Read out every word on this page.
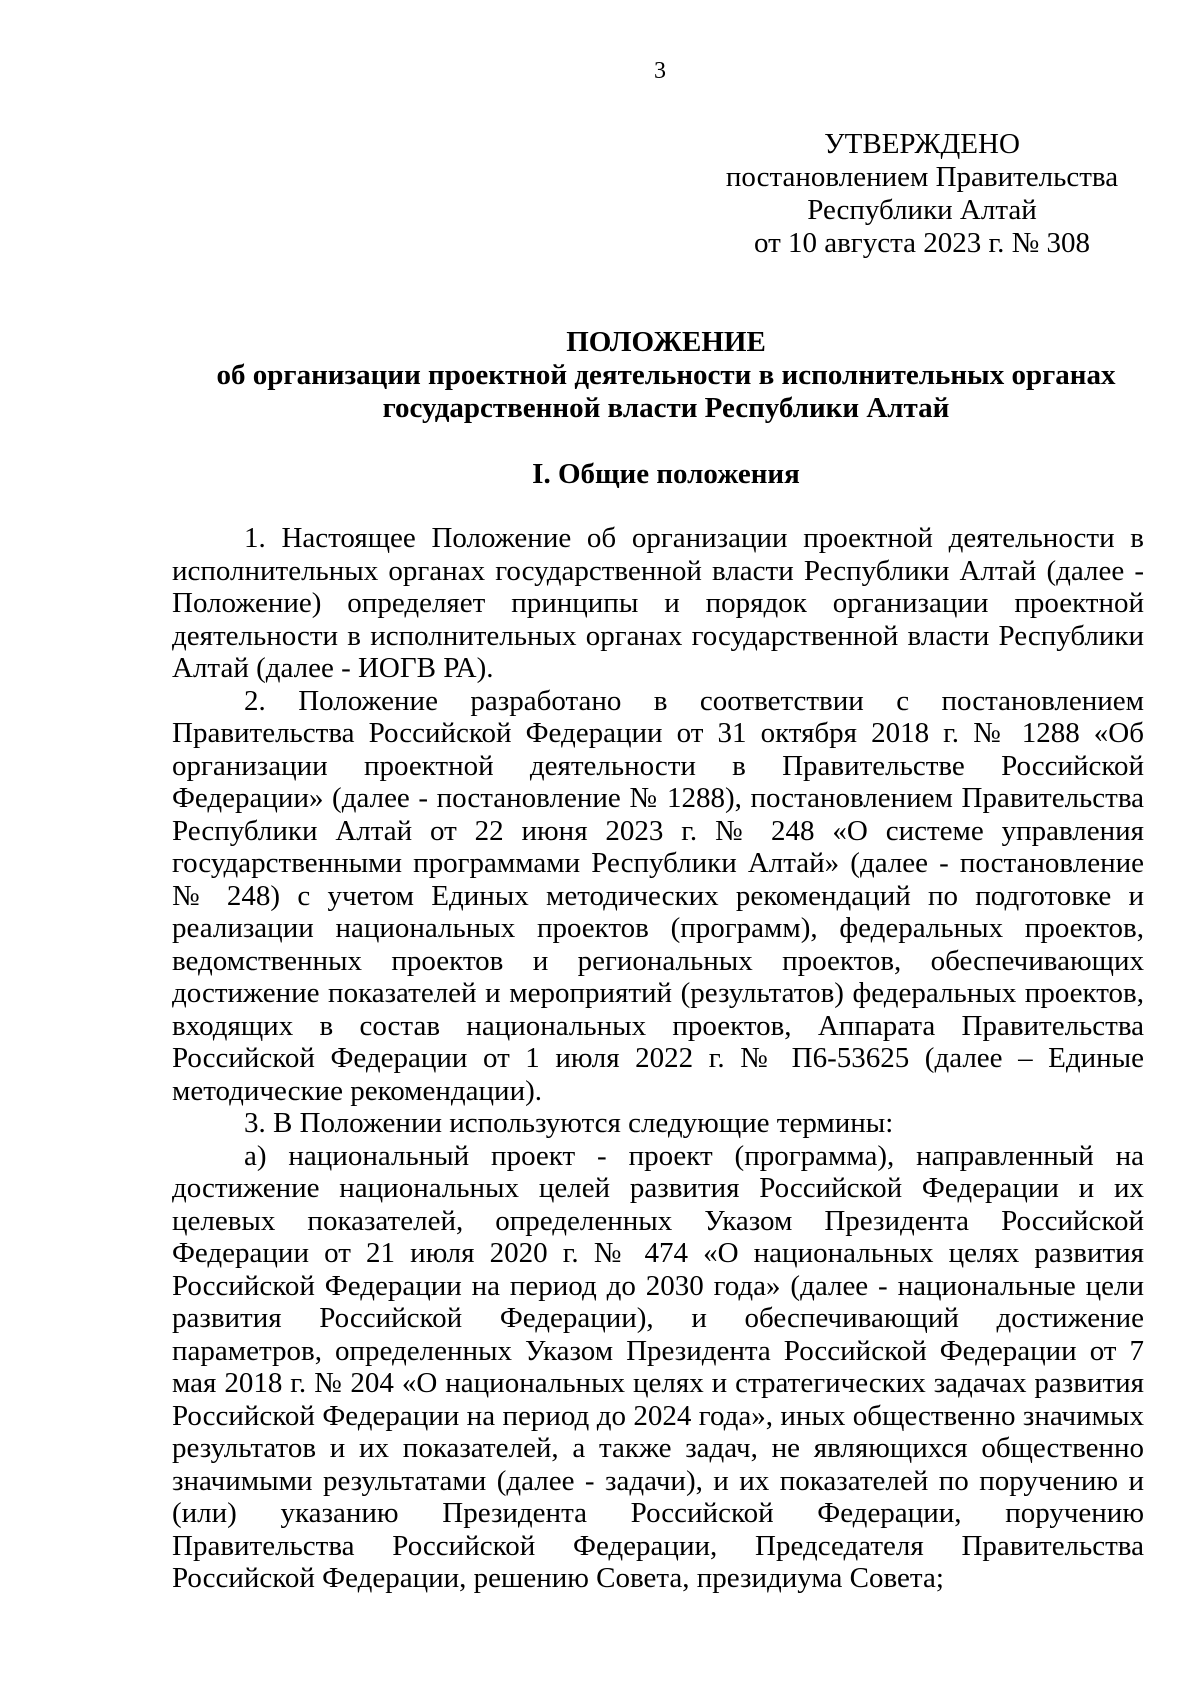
3
УТВЕРЖДЕНО
постановлением Правительства
Республики Алтай
от 10 августа 2023 г. № 308
ПОЛОЖЕНИЕ
об организации проектной деятельности в исполнительных органах
государственной власти Республики Алтай
I. Общие положения

1. Настоящее Положение об организации проектной деятельности в исполнительных органах государственной власти Республики Алтай (далее - Положение) определяет принципы и порядок организации проектной деятельности в исполнительных органах государственной власти Республики Алтай (далее - ИОГВ РА).

2. Положение разработано в соответствии с постановлением Правительства Российской Федерации от 31 октября 2018 г. № 1288 «Об организации проектной деятельности в Правительстве Российской Федерации» (далее - постановление № 1288), постановлением Правительства Республики Алтай от 22 июня 2023 г. № 248 «О системе управления государственными программами Республики Алтай» (далее - постановление № 248) с учетом Единых методических рекомендаций по подготовке и реализации национальных проектов (программ), федеральных проектов, ведомственных проектов и региональных проектов, обеспечивающих достижение показателей и мероприятий (результатов) федеральных проектов, входящих в состав национальных проектов, Аппарата Правительства Российской Федерации от 1 июля 2022 г. № П6-53625 (далее – Единые методические рекомендации).

3. В Положении используются следующие термины:

а) национальный проект - проект (программа), направленный на достижение национальных целей развития Российской Федерации и их целевых показателей, определенных Указом Президента Российской Федерации от 21 июля 2020 г. № 474 «О национальных целях развития Российской Федерации на период до 2030 года» (далее - национальные цели развития Российской Федерации), и обеспечивающий достижение параметров, определенных Указом Президента Российской Федерации от 7 мая 2018 г. № 204 «О национальных целях и стратегических задачах развития Российской Федерации на период до 2024 года», иных общественно значимых результатов и их показателей, а также задач, не являющихся общественно значимыми результатами (далее - задачи), и их показателей по поручению и (или) указанию Президента Российской Федерации, поручению Правительства Российской Федерации, Председателя Правительства Российской Федерации, решению Совета, президиума Совета;
